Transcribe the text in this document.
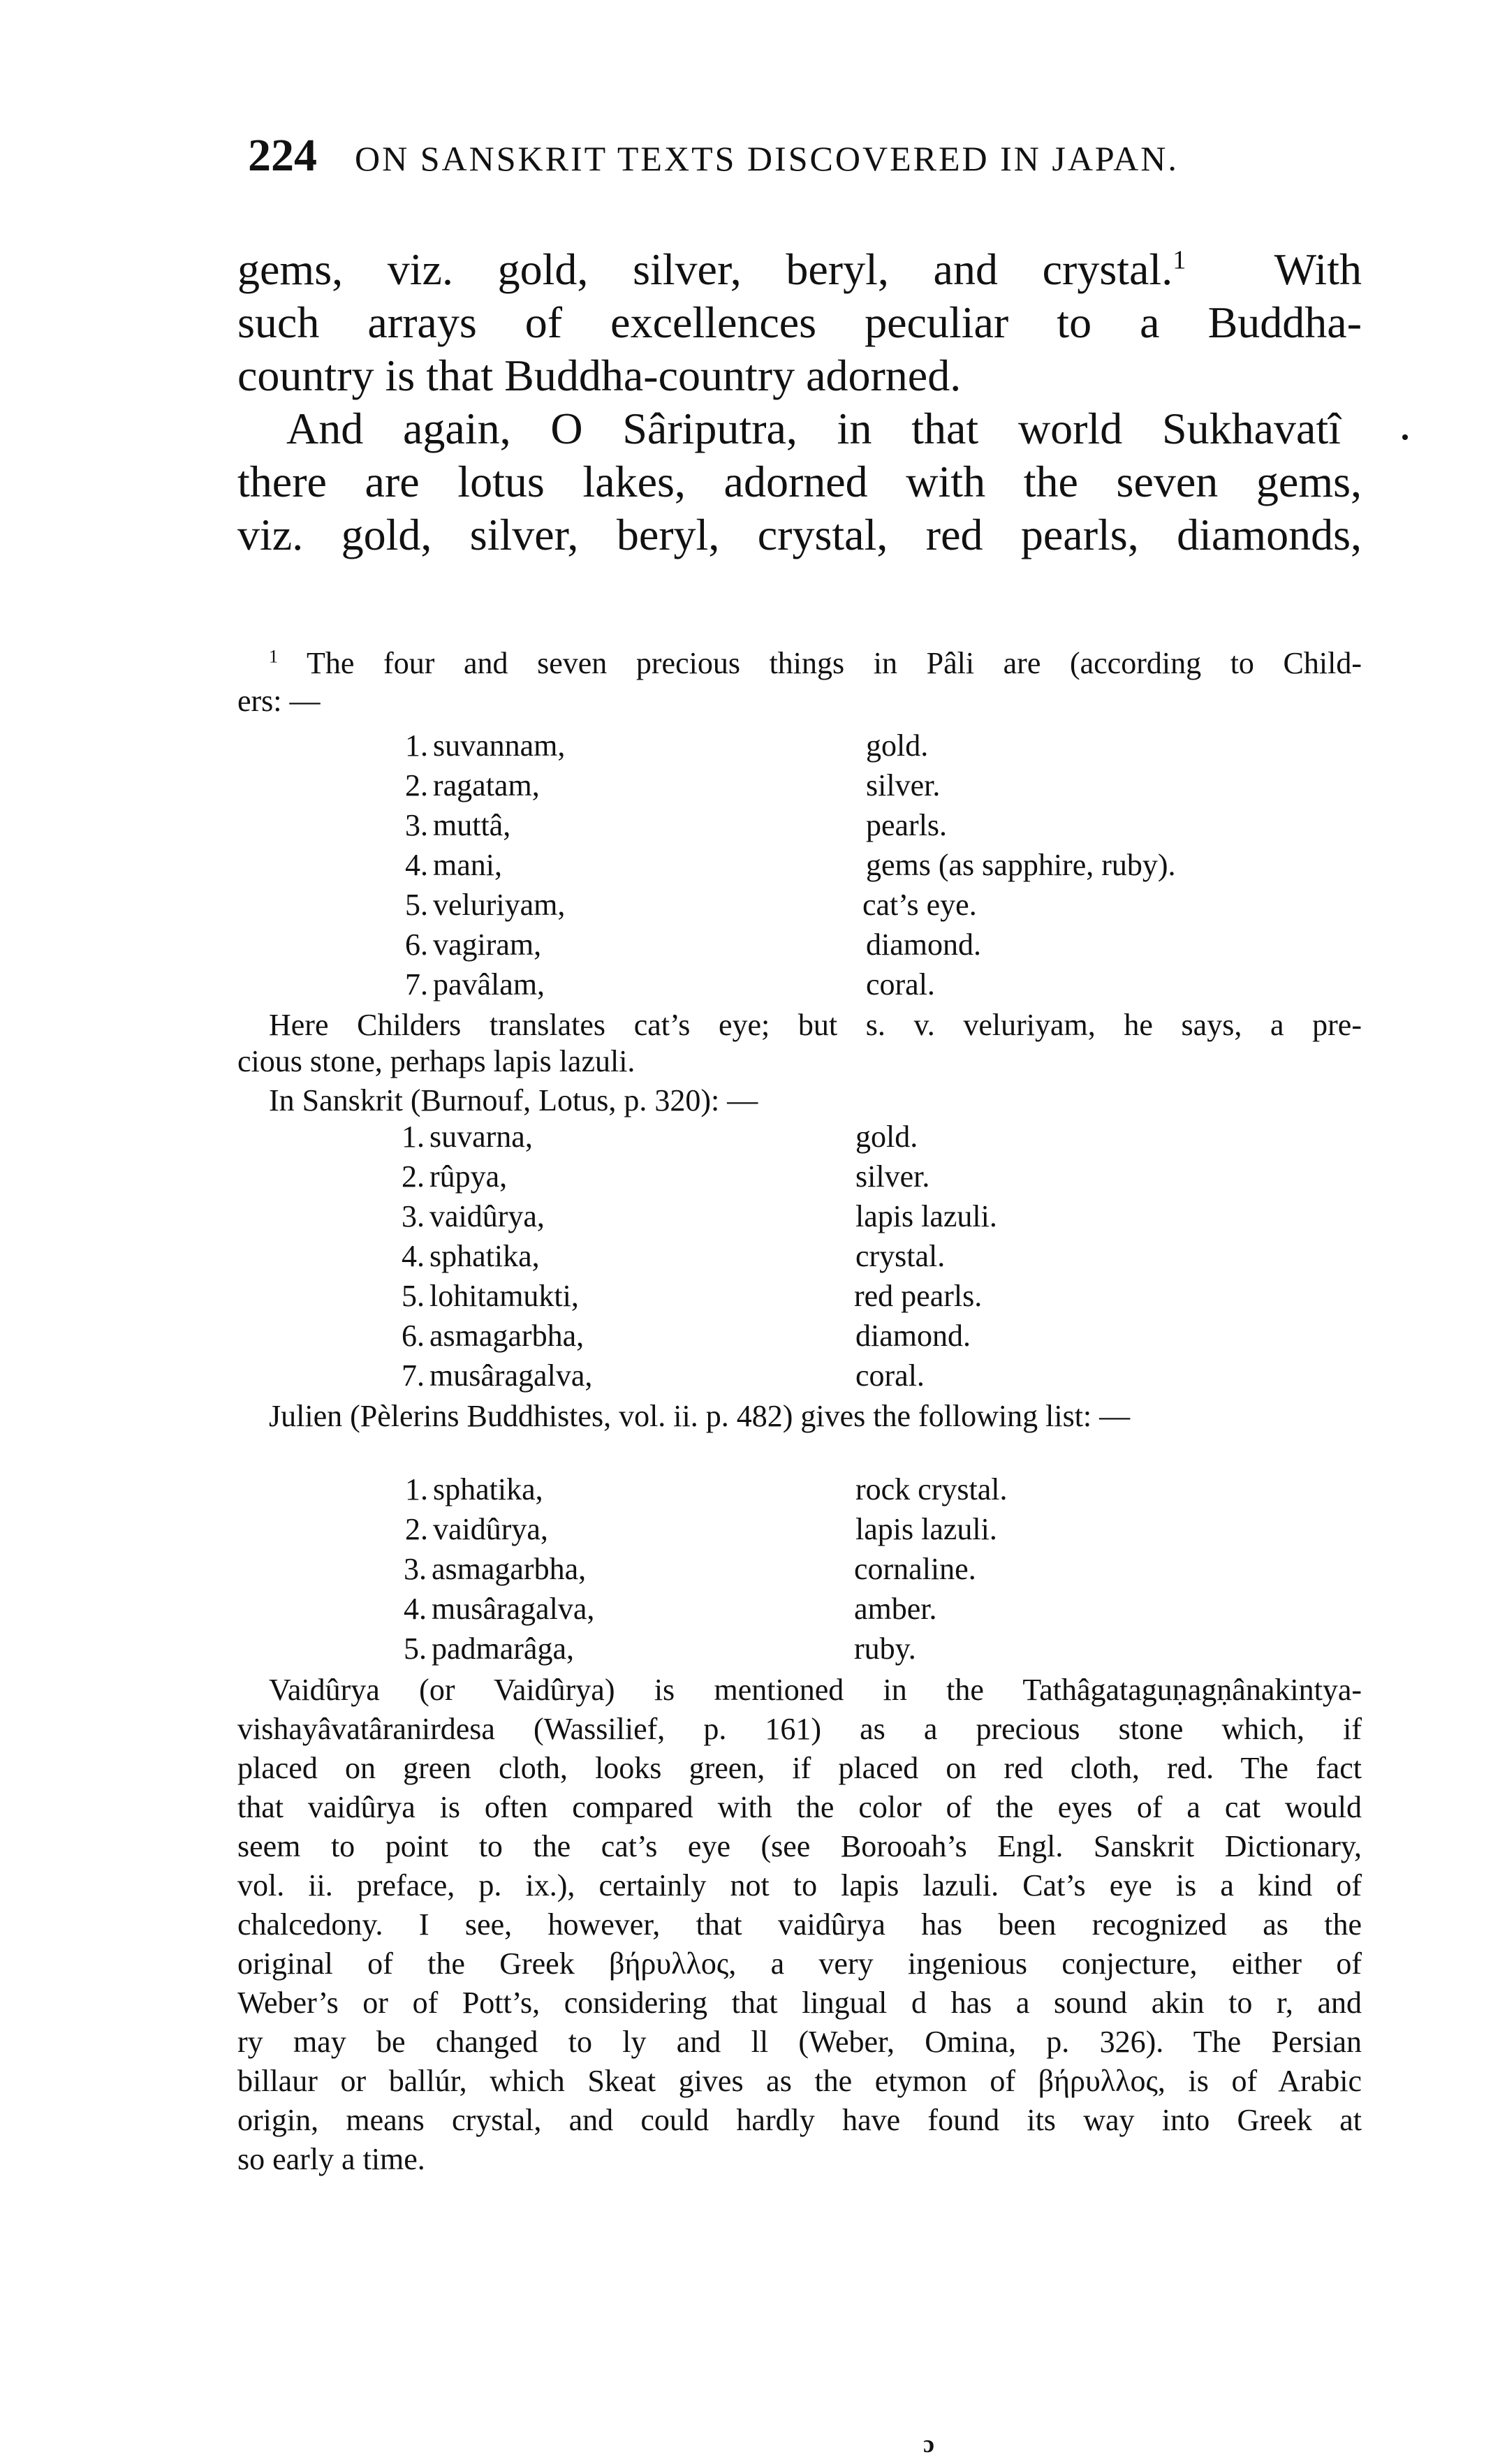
224 ON SANSKRIT TEXTS DISCOVERED IN JAPAN.
gems, viz. gold, silver, beryl, and crystal.$^1$ With
such arrays of excellences peculiar to a Buddha-
country is that Buddha-country adorned.
And again, O Sâriputra, in that world Sukhavatî
there are lotus lakes, adorned with the seven gems,
viz. gold, silver, beryl, crystal, red pearls, diamonds,
$^1$ The four and seven precious things in Pâli are (according to Child-
ers: —
1. suvannam,	gold.
2. ragatam,	silver.
3. muttâ,	pearls.
4. mani,	gems (as sapphire, ruby).
5. veluriyam,	cat’s eye.
6. vagiram,	diamond.
7. pavâlam,	coral.
Here Childers translates cat’s eye; but s. v. veluriyam, he says, a pre-
cious stone, perhaps lapis lazuli.
In Sanskrit (Burnouf, Lotus, p. 320): —
1. suvarna,	gold.
2. rûpya,	silver.
3. vaidûrya,	lapis lazuli.
4. sphatika,	crystal.
5. lohitamukti,	red pearls.
6. asmagarbha,	diamond.
7. musâragalva,	coral.
Julien (Pèlerins Buddhistes, vol. ii. p. 482) gives the following list: —
1. sphatika,	rock crystal.
2. vaidûrya,	lapis lazuli.
3. asmagarbha,	cornaline.
4. musâragalva,	amber.
5. padmarâga,	ruby.
Vaidûrya (or Vaidûrya) is mentioned in the Tathâgataguṇagṇânakintya-
vishayâvatâranirdesa (Wassilief, p. 161) as a precious stone which, if
placed on green cloth, looks green, if placed on red cloth, red. The fact
that vaidûrya is often compared with the color of the eyes of a cat would
seem to point to the cat’s eye (see Borooah’s Engl. Sanskrit Dictionary,
vol. ii. preface, p. ix.), certainly not to lapis lazuli. Cat’s eye is a kind of
chalcedony. I see, however, that vaidûrya has been recognized as the
original of the Greek βήρυλλος, a very ingenious conjecture, either of
Weber’s or of Pott’s, considering that lingual d has a sound akin to r, and
ry may be changed to ly and ll (Weber, Omina, p. 326). The Persian
billaur or ballúr, which Skeat gives as the etymon of βήρυλλος, is of Arabic
origin, means crystal, and could hardly have found its way into Greek at
so early a time.
ɔ
